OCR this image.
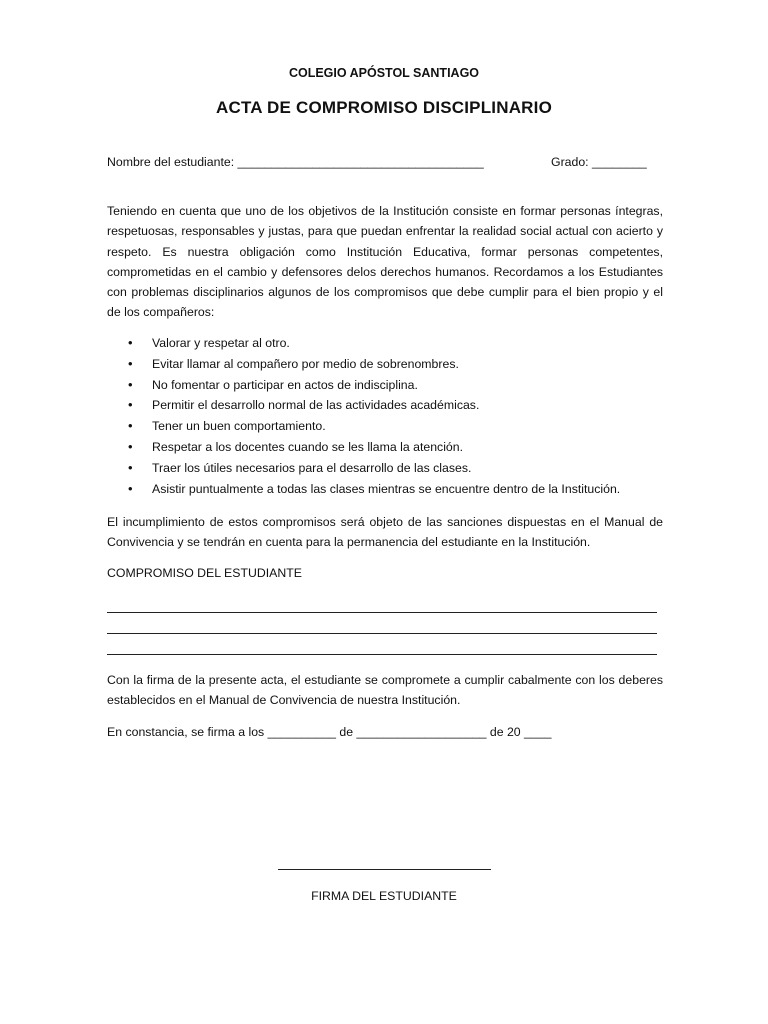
COLEGIO APÓSTOL SANTIAGO

ACTA DE COMPROMISO DISCIPLINARIO

Nombre del estudiante: ____________________________________	Grado: ________

Teniendo en cuenta que uno de los objetivos de la Institución consiste en formar personas íntegras, respetuosas, responsables y justas, para que puedan enfrentar la realidad social actual con acierto y respeto. Es nuestra obligación como Institución Educativa, formar personas competentes, comprometidas en el cambio y defensores delos derechos humanos. Recordamos a los Estudiantes con problemas disciplinarios algunos de los compromisos que debe cumplir para el bien propio y el de los compañeros:

• Valorar y respetar al otro.
• Evitar llamar al compañero por medio de sobrenombres.
• No fomentar o participar en actos de indisciplina.
• Permitir el desarrollo normal de las actividades académicas.
• Tener un buen comportamiento.
• Respetar a los docentes cuando se les llama la atención.
• Traer los útiles necesarios para el desarrollo de las clases.
• Asistir puntualmente a todas las clases mientras se encuentre dentro de la Institución.

El incumplimiento de estos compromisos será objeto de las sanciones dispuestas en el Manual de Convivencia y se tendrán en cuenta para la permanencia del estudiante en la Institución.

COMPROMISO DEL ESTUDIANTE

Con la firma de la presente acta, el estudiante se compromete a cumplir cabalmente con los deberes establecidos en el Manual de Convivencia de nuestra Institución.

En constancia, se firma a los __________ de ___________________ de 20 ____

FIRMA DEL ESTUDIANTE
